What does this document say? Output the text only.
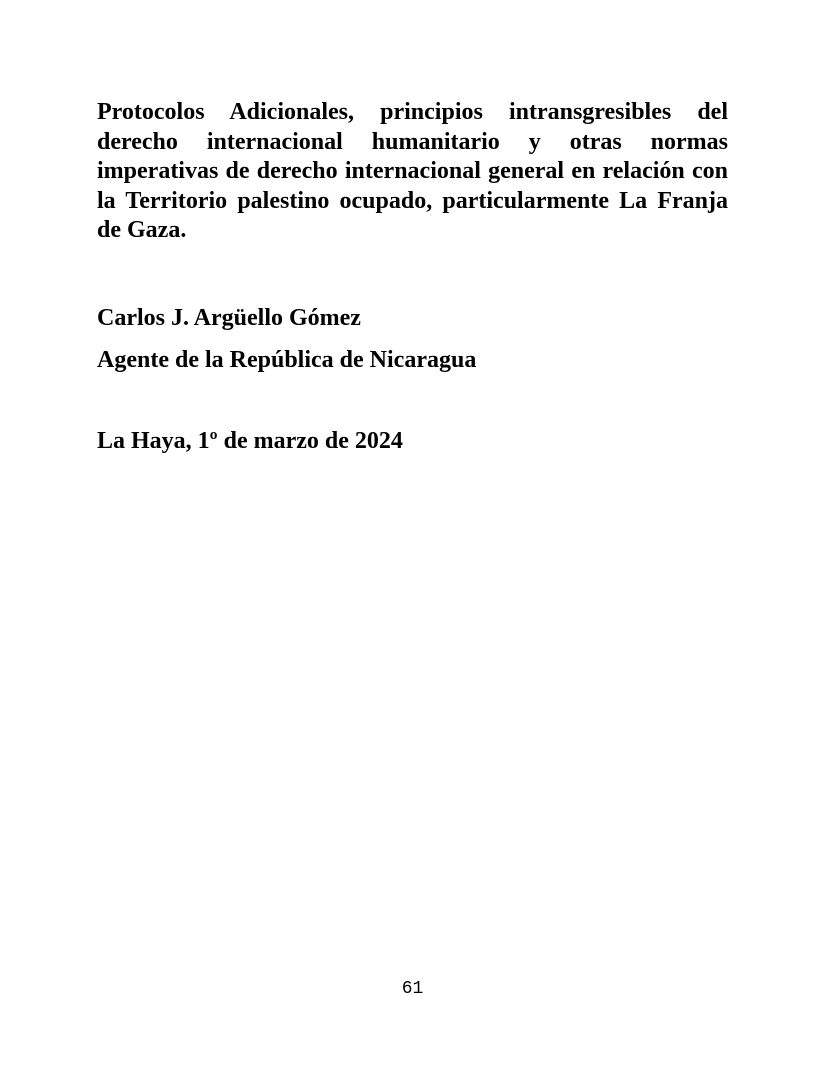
Protocolos Adicionales, principios intransgresibles del
derecho internacional humanitario y otras normas
imperativas de derecho internacional general en relación con
la Territorio palestino ocupado, particularmente La Franja
de Gaza.
Carlos J. Argüello Gómez
Agente de la República de Nicaragua
La Haya, 1º de marzo de 2024
61
